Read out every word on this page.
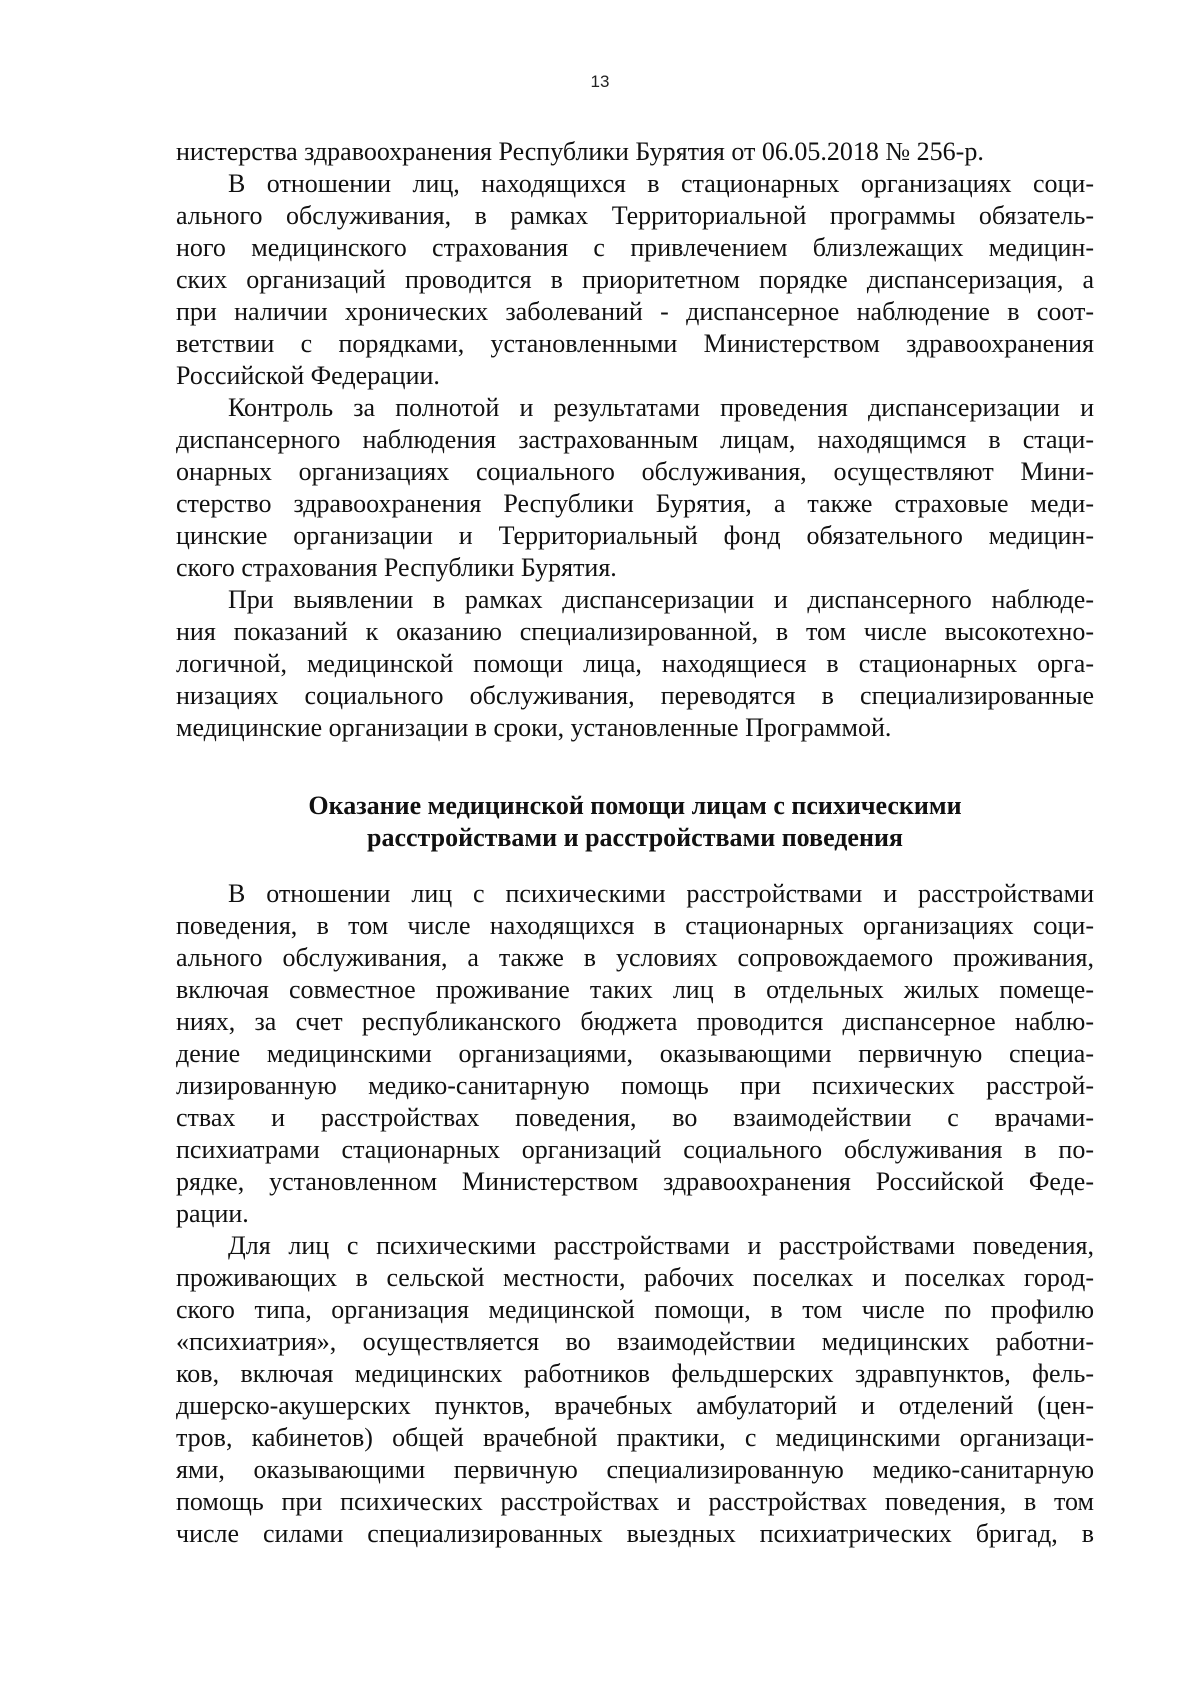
13
нистерства здравоохранения Республики Бурятия от 06.05.2018 № 256-р.
В отношении лиц, находящихся в стационарных организациях соци-
ального обслуживания, в рамках Территориальной программы обязатель-
ного медицинского страхования с привлечением близлежащих медицин-
ских организаций проводится в приоритетном порядке диспансеризация, а
при наличии хронических заболеваний - диспансерное наблюдение в соот-
ветствии с порядками, установленными Министерством здравоохранения
Российской Федерации.
Контроль за полнотой и результатами проведения диспансеризации и
диспансерного наблюдения застрахованным лицам, находящимся в стаци-
онарных организациях социального обслуживания, осуществляют Мини-
стерство здравоохранения Республики Бурятия, а также страховые меди-
цинские организации и Территориальный фонд обязательного медицин-
ского страхования Республики Бурятия.
При выявлении в рамках диспансеризации и диспансерного наблюде-
ния показаний к оказанию специализированной, в том числе высокотехно-
логичной, медицинской помощи лица, находящиеся в стационарных орга-
низациях социального обслуживания, переводятся в специализированные
медицинские организации в сроки, установленные Программой.
Оказание медицинской помощи лицам с психическими
расстройствами и расстройствами поведения
В отношении лиц с психическими расстройствами и расстройствами
поведения, в том числе находящихся в стационарных организациях соци-
ального обслуживания, а также в условиях сопровождаемого проживания,
включая совместное проживание таких лиц в отдельных жилых помеще-
ниях, за счет республиканского бюджета проводится диспансерное наблю-
дение медицинскими организациями, оказывающими первичную специа-
лизированную медико-санитарную помощь при психических расстрой-
ствах и расстройствах поведения, во взаимодействии с врачами-
психиатрами стационарных организаций социального обслуживания в по-
рядке, установленном Министерством здравоохранения Российской Феде-
рации.
Для лиц с психическими расстройствами и расстройствами поведения,
проживающих в сельской местности, рабочих поселках и поселках город-
ского типа, организация медицинской помощи, в том числе по профилю
«психиатрия», осуществляется во взаимодействии медицинских работни-
ков, включая медицинских работников фельдшерских здравпунктов, фель-
дшерско-акушерских пунктов, врачебных амбулаторий и отделений (цен-
тров, кабинетов) общей врачебной практики, с медицинскими организаци-
ями, оказывающими первичную специализированную медико-санитарную
помощь при психических расстройствах и расстройствах поведения, в том
числе силами специализированных выездных психиатрических бригад, в
